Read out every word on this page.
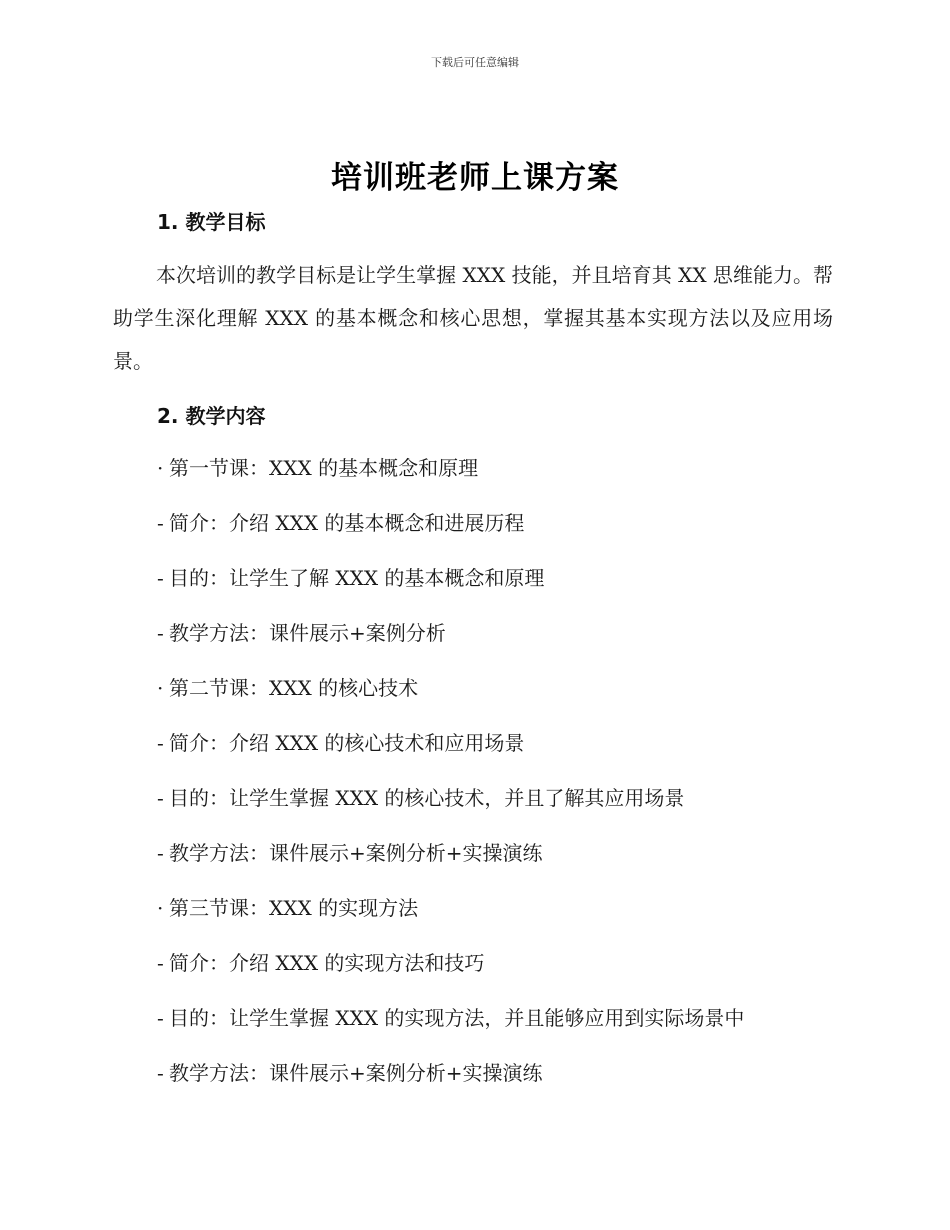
下载后可任意编辑
培训班老师上课方案
1. 教学目标
本次培训的教学目标是让学生掌握 XXX 技能，并且培育其 XX 思维能力。帮助学生深化理解 XXX 的基本概念和核心思想，掌握其基本实现方法以及应用场景。
2. 教学内容
· 第一节课：XXX 的基本概念和原理
- 简介：介绍 XXX 的基本概念和进展历程
- 目的：让学生了解 XXX 的基本概念和原理
- 教学方法：课件展示+案例分析
· 第二节课：XXX 的核心技术
- 简介：介绍 XXX 的核心技术和应用场景
- 目的：让学生掌握 XXX 的核心技术，并且了解其应用场景
- 教学方法：课件展示+案例分析+实操演练
· 第三节课：XXX 的实现方法
- 简介：介绍 XXX 的实现方法和技巧
- 目的：让学生掌握 XXX 的实现方法，并且能够应用到实际场景中
- 教学方法：课件展示+案例分析+实操演练
